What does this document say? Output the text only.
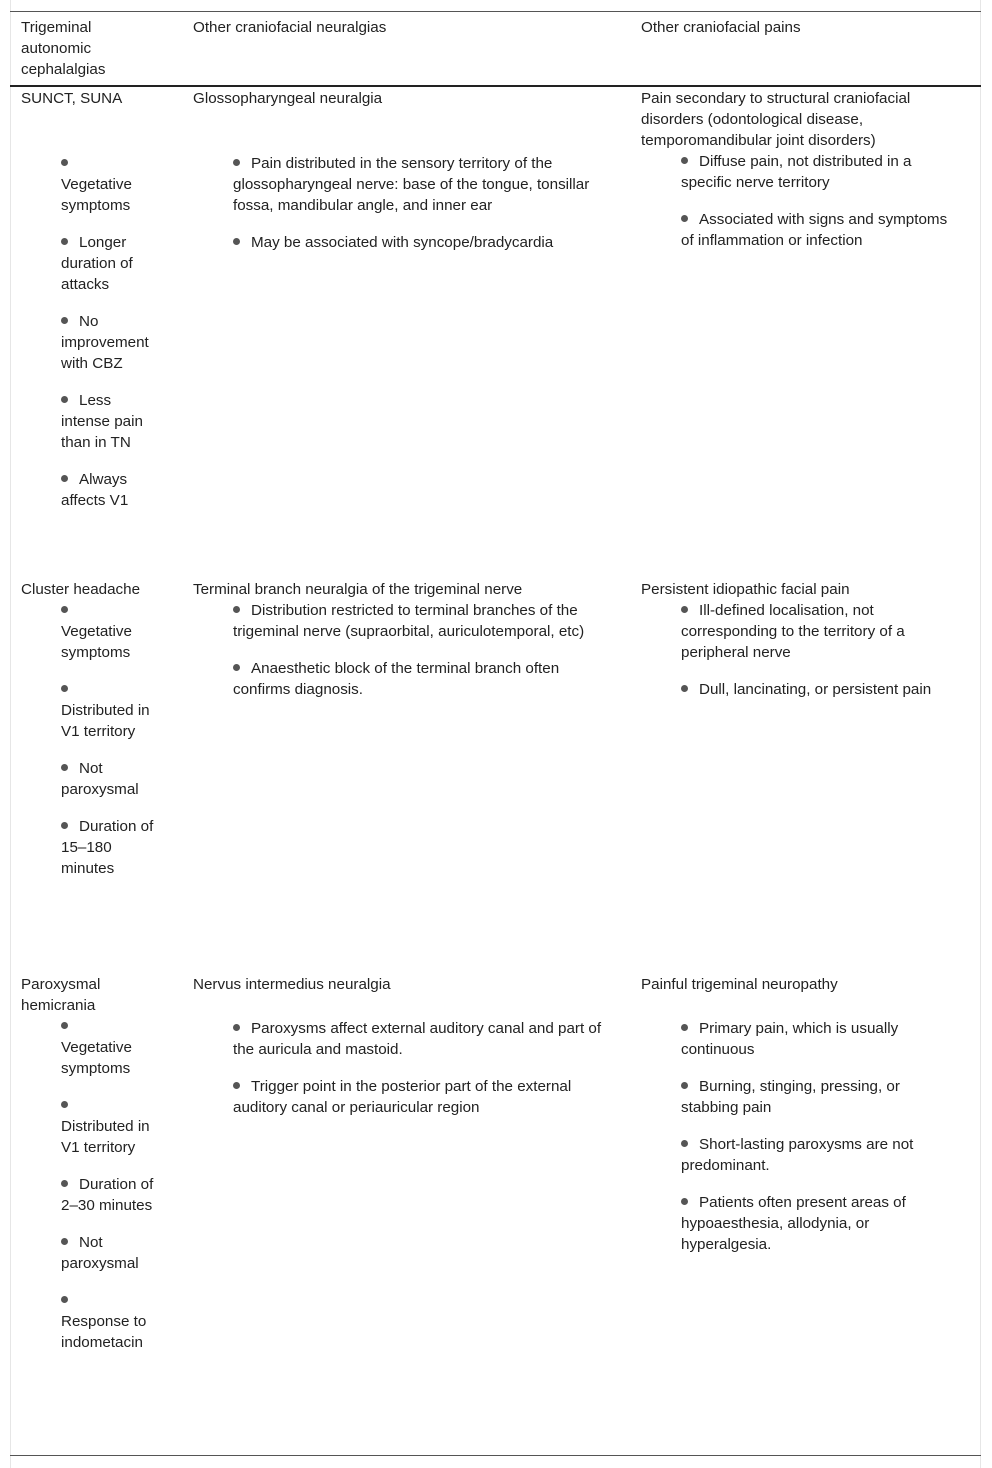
Trigeminal autonomic cephalalgias
Other craniofacial neuralgias	Other craniofacial pains
SUNCT, SUNA

Vegetative symptoms
Longer duration of attacks
No improvement with CBZ
Less intense pain than in TN
Always affects V1
Glossopharyngeal neuralgia
Pain distributed in the sensory territory of the glossopharyngeal nerve: base of the tongue, tonsillar fossa, mandibular angle, and inner ear
May be associated with syncope/bradycardia
Pain secondary to structural craniofacial disorders (odontological disease, temporomandibular joint disorders)
Diffuse pain, not distributed in a specific nerve territory
Associated with signs and symptoms of inflammation or infection
Cluster headache

Vegetative symptoms

Distributed in V1 territory
Not paroxysmal
Duration of 15–180 minutes
Terminal branch neuralgia of the trigeminal nerve
Distribution restricted to terminal branches of the trigeminal nerve (supraorbital, auriculotemporal, etc)
Anaesthetic block of the terminal branch often confirms diagnosis.
Persistent idiopathic facial pain
Ill-defined localisation, not corresponding to the territory of a peripheral nerve
Dull, lancinating, or persistent pain
Paroxysmal hemicrania

Vegetative symptoms

Distributed in V1 territory
Duration of 2–30 minutes
Not paroxysmal

Response to indometacin
Nervus intermedius neuralgia
Paroxysms affect external auditory canal and part of the auricula and mastoid.
Trigger point in the posterior part of the external auditory canal or periauricular region
Painful trigeminal neuropathy
Primary pain, which is usually continuous
Burning, stinging, pressing, or stabbing pain
Short-lasting paroxysms are not predominant.
Patients often present areas of hypoaesthesia, allodynia, or hyperalgesia.
